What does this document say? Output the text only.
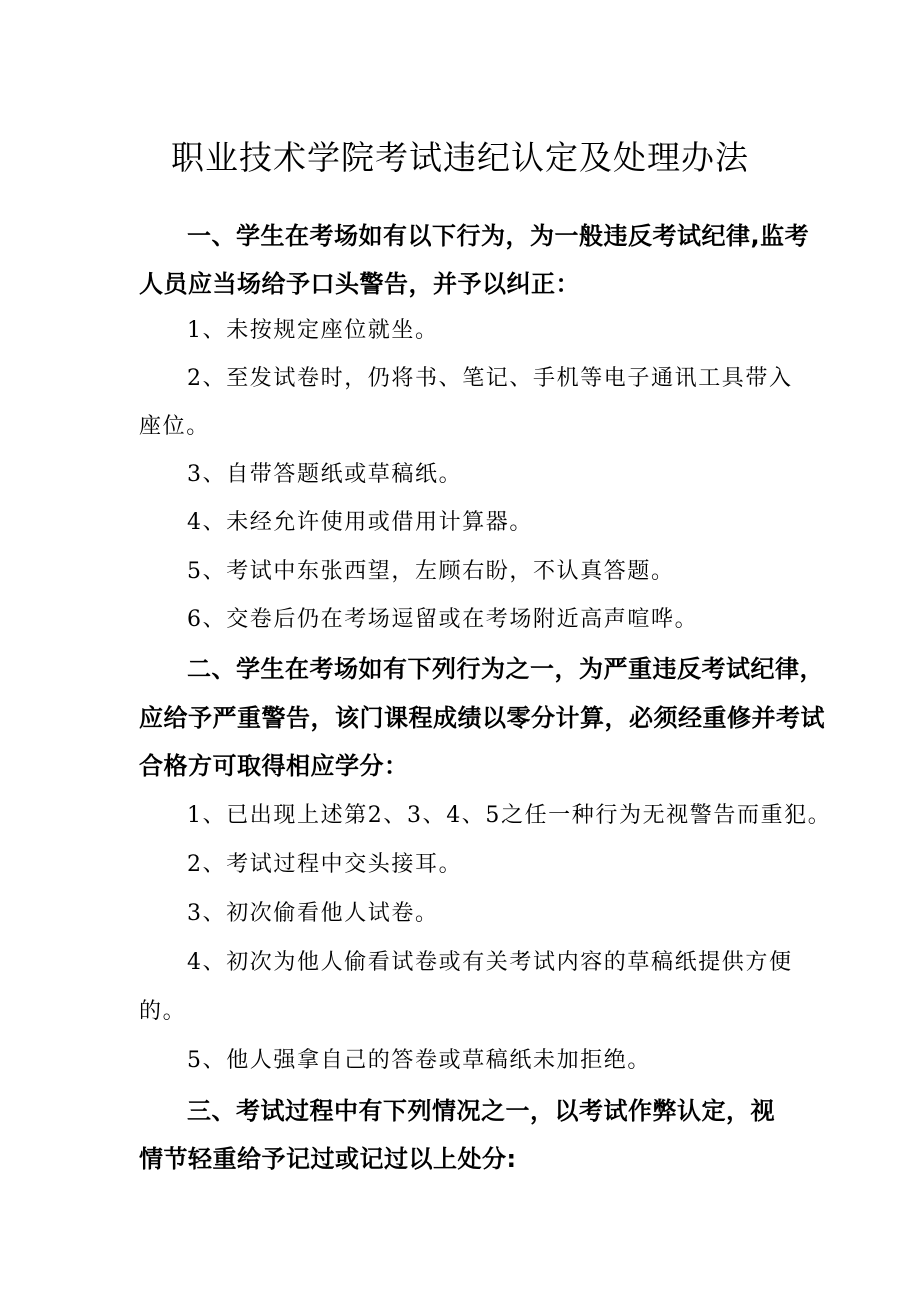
职业技术学院考试违纪认定及处理办法
一、学生在考场如有以下行为，为一般违反考试纪律,监考
人员应当场给予口头警告，并予以纠正：
1、未按规定座位就坐。
2、至发试卷时，仍将书、笔记、手机等电子通讯工具带入
座位。
3、自带答题纸或草稿纸。
4、未经允许使用或借用计算器。
5、考试中东张西望，左顾右盼，不认真答题。
6、交卷后仍在考场逗留或在考场附近高声喧哗。
二、学生在考场如有下列行为之一，为严重违反考试纪律，
应给予严重警告，该门课程成绩以零分计算，必须经重修并考试
合格方可取得相应学分：
1、已出现上述第2、3、4、5之任一种行为无视警告而重犯。
2、考试过程中交头接耳。
3、初次偷看他人试卷。
4、初次为他人偷看试卷或有关考试内容的草稿纸提供方便
的。
5、他人强拿自己的答卷或草稿纸未加拒绝。
三、考试过程中有下列情况之一，以考试作弊认定，视
情节轻重给予记过或记过以上处分:
